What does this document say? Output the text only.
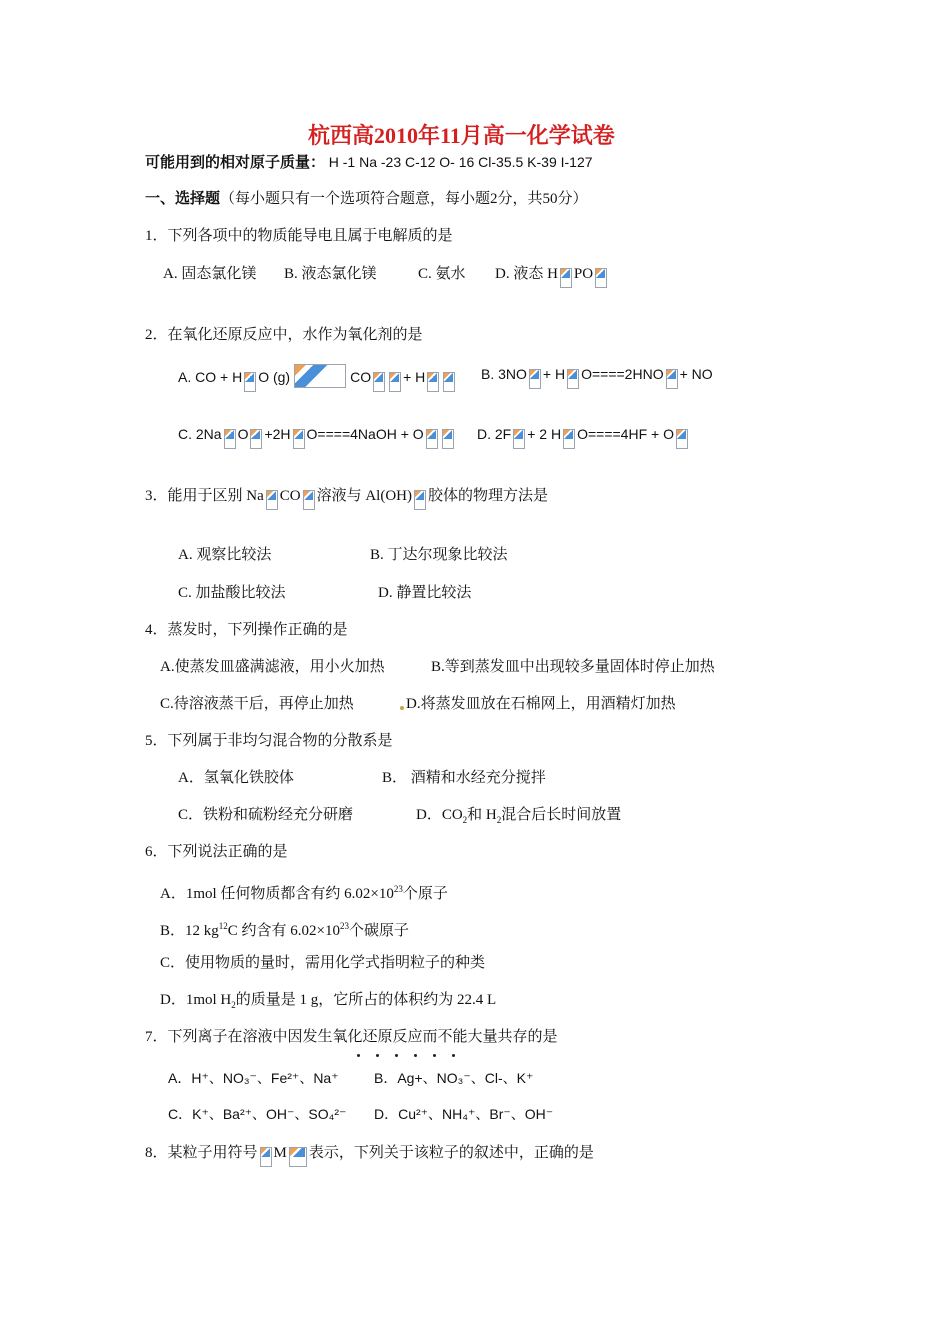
杭西高2010年11月高一化学试卷
可能用到的相对原子质量： H -1 Na -23 C-12 O- 16 Cl-35.5 K-39 I-127
一、选择题（每小题只有一个选项符合题意，每小题2分，共50分）
1．下列各项中的物质能导电且属于电解质的是
A. 固态氯化镁 B. 液态氯化镁	C. 氨水 D. 液态 H PO
2．在氧化还原反应中，水作为氧化剂的是
A. CO + H O (g)	CO + H	B. 3NO + H O====2HNO + NO
C. 2Na O +2H O====4NaOH + O	D. 2F + 2 H O====4HF + O
3．能用于区别 Na CO 溶液与 Al(OH) 胶体的物理方法是
A. 观察比较法	B. 丁达尔现象比较法
C. 加盐酸比较法	D. 静置比较法
4．蒸发时，下列操作正确的是
A.使蒸发皿盛满滤液，用小火加热	B.等到蒸发皿中出现较多量固体时停止加热
C.待溶液蒸干后，再停止加热	D.将蒸发皿放在石棉网上，用酒精灯加热
5．下列属于非均匀混合物的分散系是
A．氢氧化铁胶体	B． 酒精和水经充分搅拌
C．铁粉和硫粉经充分研磨	D．$CO_2$和 $H_2$混合后长时间放置
6．下列说法正确的是
A．1mol 任何物质都含有约 $6.02\times 10^{23}$个原子
B．12 $kg^{12}C$ 约含有 $6.02\times 10^{23}$个碳原子
C．使用物质的量时，需用化学式指明粒子的种类
D．1mol $H_2$的质量是 1 g，它所占的体积约为 22.4 L
7．下列离子在溶液中因发生氧化还原反应而不能大量共存的是
A．H⁺、NO₃⁻、Fe²⁺、Na⁺	B．Ag+、NO₃⁻、Cl-、K⁺
C．K⁺、Ba²⁺、OH⁻、SO₄²⁻ D．Cu²⁺、NH₄⁺、Br⁻、OH⁻
8．某粒子用符号 M 表示，下列关于该粒子的叙述中，正确的是
